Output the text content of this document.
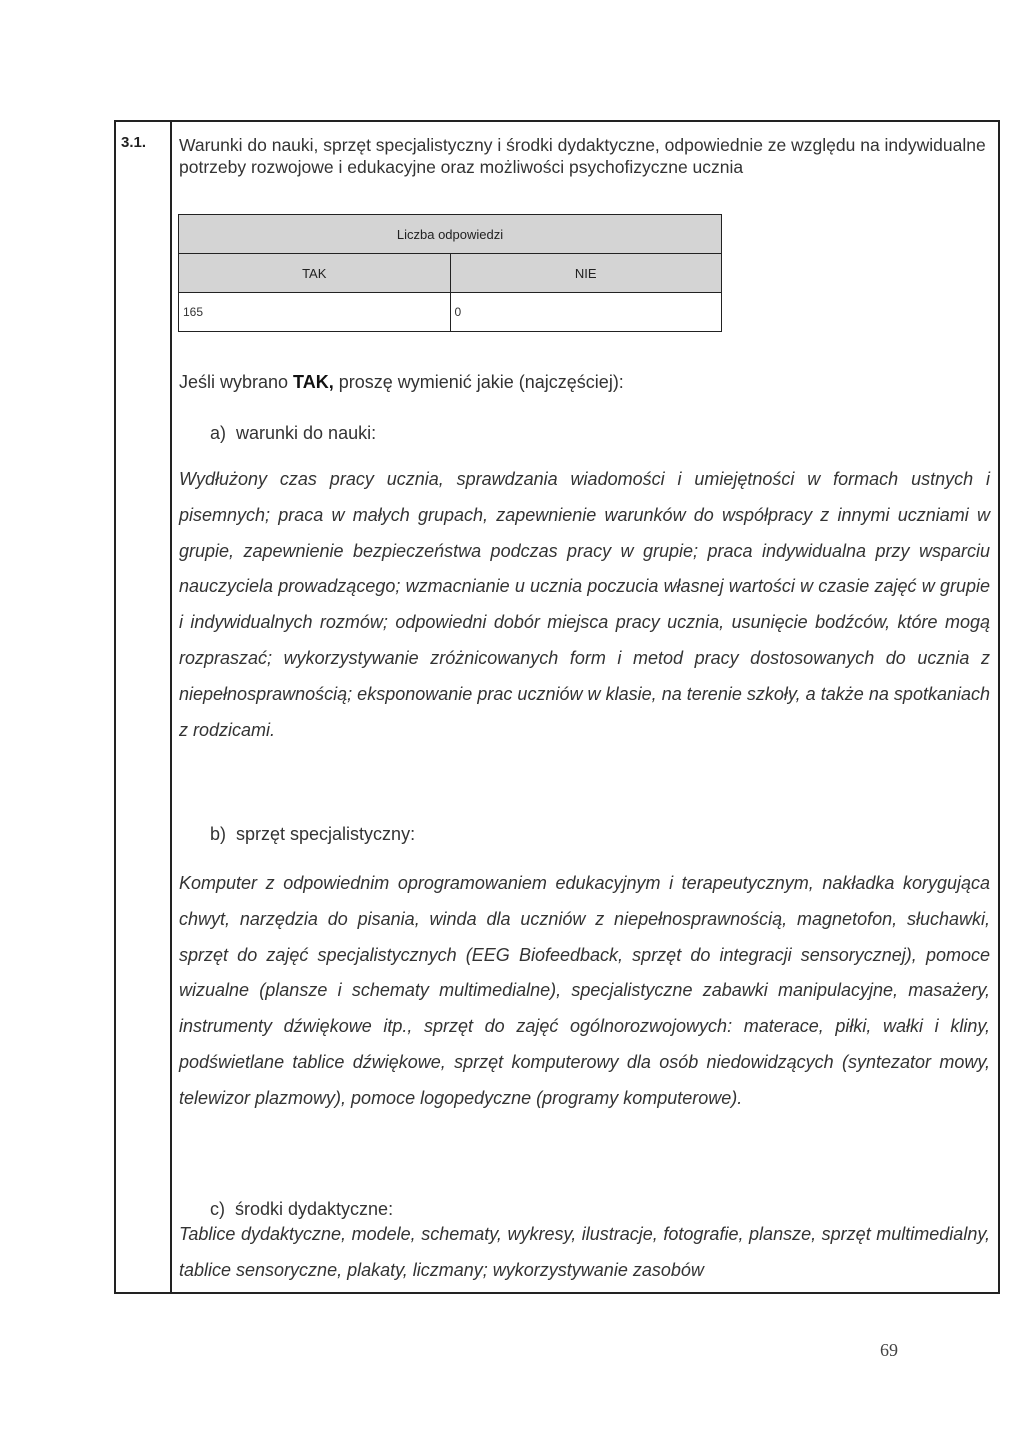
3.1. Warunki do nauki, sprzęt specjalistyczny i środki dydaktyczne, odpowiednie ze względu na indywidualne potrzeby rozwojowe i edukacyjne oraz możliwości psychofizyczne ucznia
Liczba odpowiedzi	
TAK	NIE
165	0
Jeśli wybrano TAK, proszę wymienić jakie (najczęściej):
a)  warunki do nauki:

Wydłużony czas pracy ucznia, sprawdzania wiadomości i umiejętności w formach ustnych i pisemnych; praca w małych grupach, zapewnienie warunków do współpracy z innymi uczniami w grupie, zapewnienie bezpieczeństwa podczas pracy w grupie; praca indywidualna przy wsparciu nauczyciela prowadzącego; wzmacnianie u ucznia poczucia własnej wartości w czasie zajęć w grupie i indywidualnych rozmów; odpowiedni dobór miejsca pracy ucznia, usunięcie bodźców, które mogą rozpraszać; wykorzystywanie zróżnicowanych form i metod pracy dostosowanych do ucznia z niepełnosprawnością; eksponowanie prac uczniów w klasie, na terenie szkoły, a także na spotkaniach z rodzicami.

b)  sprzęt specjalistyczny:

Komputer z odpowiednim oprogramowaniem edukacyjnym i terapeutycznym, nakładka korygująca chwyt, narzędzia do pisania, winda dla uczniów z niepełnosprawnością, magnetofon, słuchawki, sprzęt do zajęć specjalistycznych (EEG Biofeedback, sprzęt do integracji sensorycznej), pomoce wizualne (plansze i schematy multimedialne), specjalistyczne zabawki manipulacyjne, masażery, instrumenty dźwiękowe itp., sprzęt do zajęć ogólnorozwojowych: materace, piłki, wałki i kliny, podświetlane tablice dźwiękowe, sprzęt komputerowy dla osób niedowidzących (syntezator mowy, telewizor plazmowy), pomoce logopedyczne (programy komputerowe).

c)  środki dydaktyczne:

Tablice dydaktyczne, modele, schematy, wykresy, ilustracje, fotografie, plansze, sprzęt multimedialny, tablice sensoryczne, plakaty, liczmany; wykorzystywanie zasobów

69
